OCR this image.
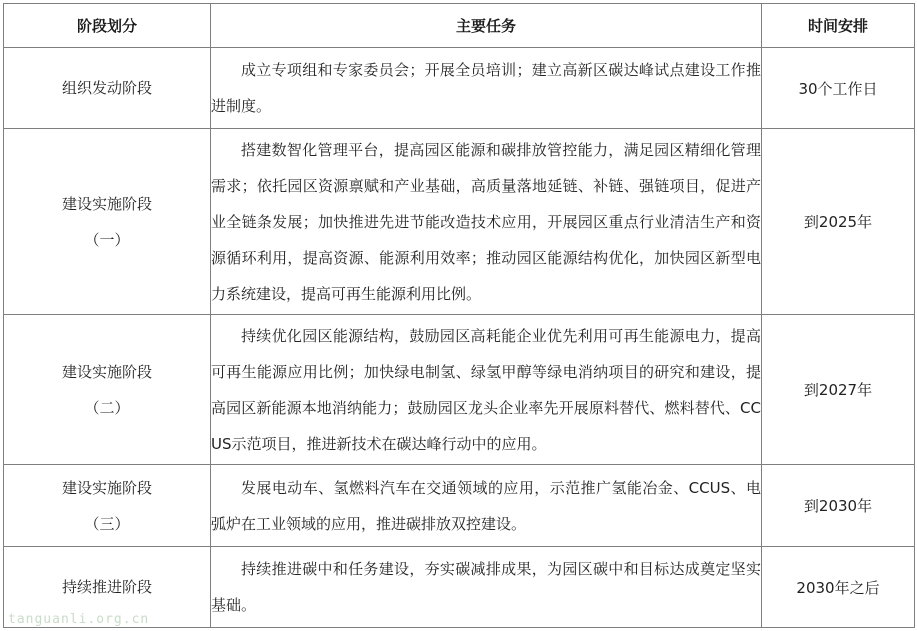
阶段划分	主要任务	时间安排

组织发动阶段	成立专项组和专家委员会；开展全员培训；建立高新区碳达峰试点建设工作推进制度。	30个工作日

建设实施阶段
（一）	搭建数智化管理平台，提高园区能源和碳排放管控能力，满足园区精细化管理需求；依托园区资源禀赋和产业基础，高质量落地延链、补链、强链项目，促进产业全链条发展；加快推进先进节能改造技术应用，开展园区重点行业清洁生产和资源循环利用，提高资源、能源利用效率；推动园区能源结构优化，加快园区新型电力系统建设，提高可再生能源利用比例。	到2025年

建设实施阶段
（二）	持续优化园区能源结构，鼓励园区高耗能企业优先利用可再生能源电力，提高可再生能源应用比例；加快绿电制氢、绿氢甲醇等绿电消纳项目的研究和建设，提高园区新能源本地消纳能力；鼓励园区龙头企业率先开展原料替代、燃料替代、CCUS示范项目，推进新技术在碳达峰行动中的应用。	到2027年

建设实施阶段
（三）	发展电动车、氢燃料汽车在交通领域的应用，示范推广氢能冶金、CCUS、电弧炉在工业领域的应用，推进碳排放双控建设。	到2030年

持续推进阶段	持续推进碳中和任务建设，夯实碳减排成果，为园区碳中和目标达成奠定坚实基础。	2030年之后
tanguanli.org.cn
